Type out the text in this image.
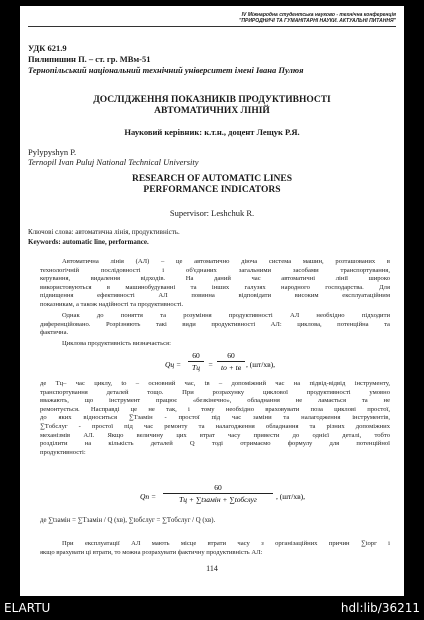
IV Міжнародна студентська науково - технічна конференція
"ПРИРОДНИЧІ ТА ГУМАНІТАРНІ НАУКИ. АКТУАЛЬНІ ПИТАННЯ"
УДК 621.9
Пилипишин П. – ст. гр. МВм-51
Тернопільський національний технічний університет імені Івана Пулюя
ДОСЛІДЖЕННЯ ПОКАЗНИКІВ ПРОДУКТИВНОСТІ
АВТОМАТИЧНИХ ЛІНІЙ
Науковий керівник: к.т.н., доцент Лещук Р.Я.
Pylypyshyn P.
Ternopil Ivan Puluj National Technical University
RESEARCH OF AUTOMATIC LINES
PERFORMANCE INDICATORS
Supervisor: Leshchuk R.
Ключові слова: автоматична лінія, продуктивність.
Keywords: automatic line, performance.
Автоматична лінія (АЛ) – це автоматично діюча система машин, розташованих в
технологічній послідовності і об'єднаних загальними засобами транспортування,
керування, видалення відходів. На даний час автоматичні лінії широко
використовуються в машинобудуванні та інших галузях народного господарства. Для
підвищення ефективності АЛ повинна відповідати високим експлуатаційним
показникам, а також надійності та продуктивності.
Однак до поняття та розуміння продуктивності АЛ необхідно підходити
диференційовано. Розрізняють такі види продуктивності АЛ: циклова, потенційна та
фактична.
Циклова продуктивність визначається:
Qц =
60
Tц	=
60
tо + tв , (шт/хв),
де Tц– час циклу, tо – основний час, tв – допоміжний час на підвід-відвід інструменту,
транспортування деталей тощо. При розрахунку циклової продуктивності умовно
вважають, що інструмент працює «безкінечно», обладнання не ламається та не
ремонтується. Насправді це не так, і тому необхідно враховувати поза циклові простої,
до яких відноситься ∑Tзамін - простої під час заміни та налагодження інструментів,
∑Tобслуг - простої під час ремонту та налагодження обладнання та різних допоміжних
механізмів АЛ. Якщо величину цих втрат часу привести до однієї деталі, тобто
розділити на кількість деталей Q тоді отримаємо формулу для потенційної
продуктивності:
Qп =
60
Tц + ∑tзамін + ∑tобслуг	, (шт/хв),
де ∑tзамін = ∑Tзамін / Q (хв), ∑tобслуг = ∑Tобслуг / Q (хв).
При експлуатації АЛ мають місце втрати часу з організаційних причин ∑tорг і
якщо врахувати ці втрати, то можна розрахувати фактичну продуктивність АЛ:
114
ELARTU	hdl:lib/36211
